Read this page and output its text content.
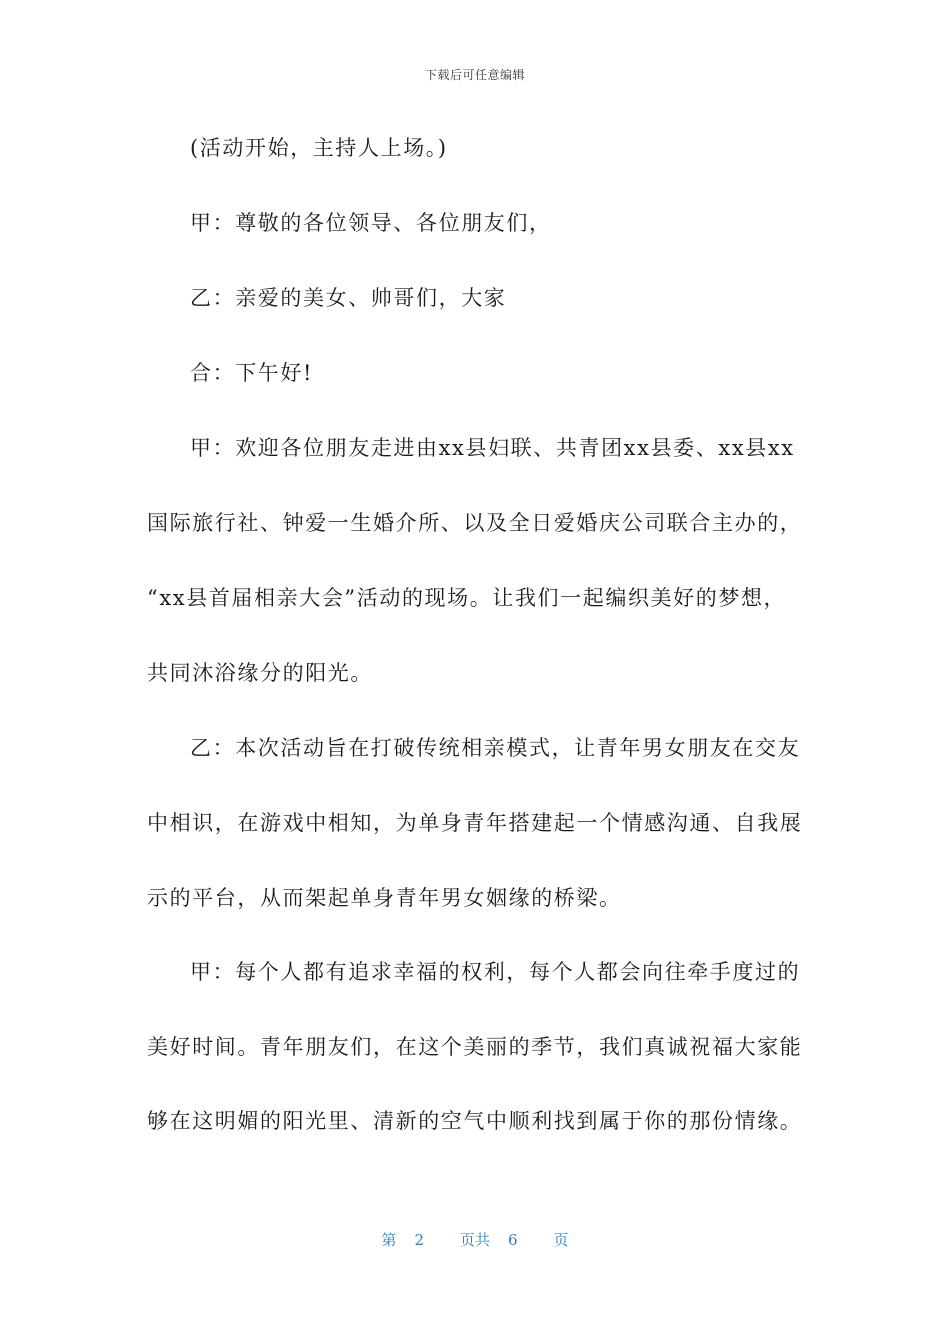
下载后可任意编辑
(活动开始，主持人上场。)
甲：尊敬的各位领导、各位朋友们，
乙：亲爱的美女、帅哥们，大家
合：下午好!
甲：欢迎各位朋友走进由xx县妇联、共青团xx县委、xx县xx
国际旅行社、钟爱一生婚介所、以及全日爱婚庆公司联合主办的，
“xx县首届相亲大会”活动的现场。让我们一起编织美好的梦想，
共同沐浴缘分的阳光。
乙：本次活动旨在打破传统相亲模式，让青年男女朋友在交友
中相识，在游戏中相知，为单身青年搭建起一个情感沟通、自我展
示的平台，从而架起单身青年男女姻缘的桥梁。
甲：每个人都有追求幸福的权利，每个人都会向往牵手度过的
美好时间。青年朋友们，在这个美丽的季节，我们真诚祝福大家能
够在这明媚的阳光里、清新的空气中顺利找到属于你的那份情缘。
第 2 页共 6 页
